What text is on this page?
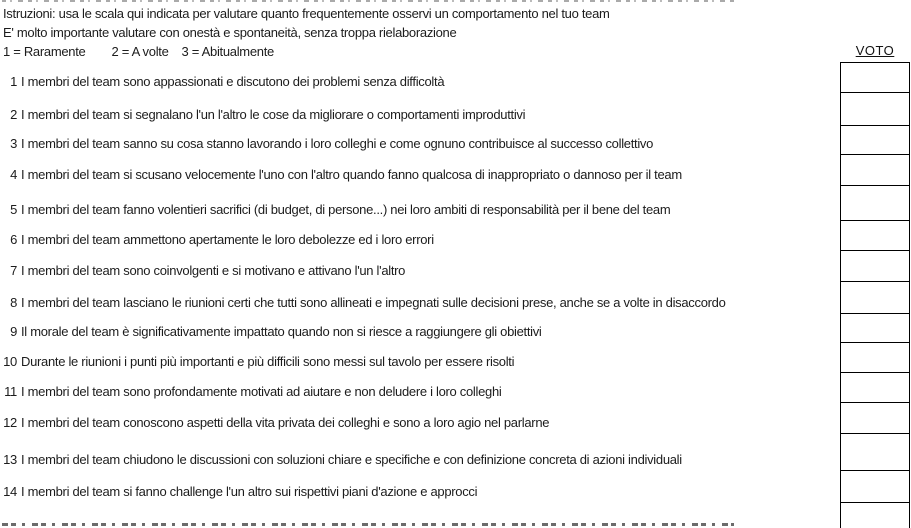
Istruzioni: usa le scala qui indicata per valutare quanto frequentemente osservi un comportamento nel tuo team
E' molto importante valutare con onestà e spontaneità, senza troppa rielaborazione
1 = Raramente 2 = A volte 3 = Abitualmente	VOTO
1 I membri del team sono appassionati e discutono dei problemi senza difficoltà
2 I membri del team si segnalano l'un l'altro le cose da migliorare o comportamenti improduttivi
3 I membri del team sanno su cosa stanno lavorando i loro colleghi e come ognuno contribuisce al successo collettivo
4 I membri del team si scusano velocemente l'uno con l'altro quando fanno qualcosa di inappropriato o dannoso per il team
5 I membri del team fanno volentieri sacrifici (di budget, di persone...) nei loro ambiti di responsabilità per il bene del team
6 I membri del team ammettono apertamente le loro debolezze ed i loro errori
7 I membri del team sono coinvolgenti e si motivano e attivano l'un l'altro
8 I membri del team lasciano le riunioni certi che tutti sono allineati e impegnati sulle decisioni prese, anche se a volte in disaccordo
9 Il morale del team è significativamente impattato quando non si riesce a raggiungere gli obiettivi
10 Durante le riunioni i punti più importanti e più difficili sono messi sul tavolo per essere risolti
11 I membri del team sono profondamente motivati ad aiutare e non deludere i loro colleghi
12 I membri del team conoscono aspetti della vita privata dei colleghi e sono a loro agio nel parlarne
13 I membri del team chiudono le discussioni con soluzioni chiare e specifiche e con definizione concreta di azioni individuali
14 I membri del team si fanno challenge l'un altro sui rispettivi piani d'azione e approcci
